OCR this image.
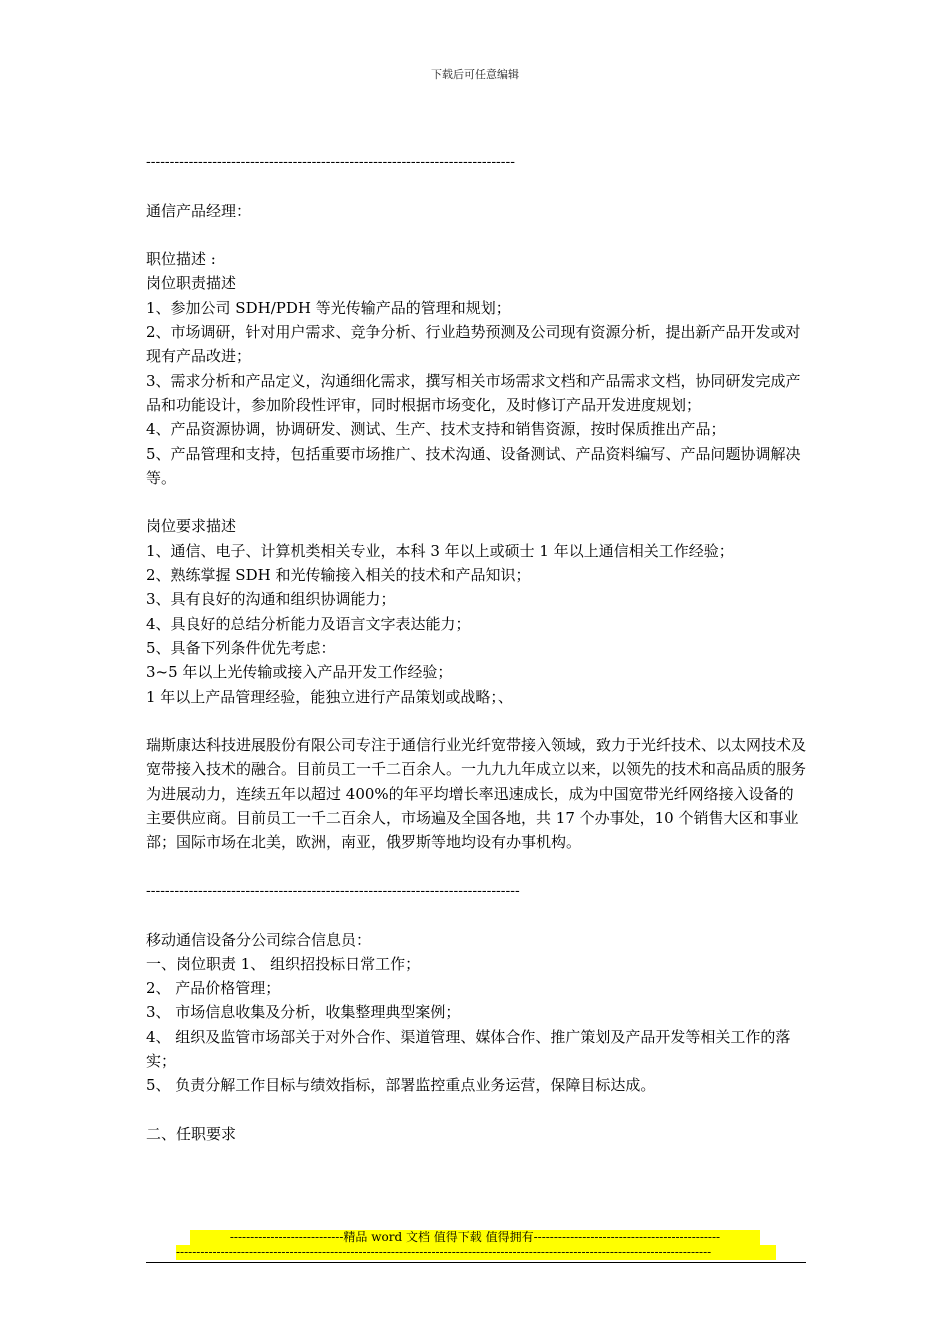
下载后可任意编辑

------------------------------------------------------------------------------

通信产品经理：

职位描述 :

岗位职责描述

1、参加公司 SDH/PDH 等光传输产品的管理和规划；

2、市场调研，针对用户需求、竞争分析、行业趋势预测及公司现有资源分析，提出新产品开发或对现有产品改进；

3、需求分析和产品定义，沟通细化需求，撰写相关市场需求文档和产品需求文档，协同研发完成产品和功能设计，参加阶段性评审，同时根据市场变化，及时修订产品开发进度规划；

4、产品资源协调，协调研发、测试、生产、技术支持和销售资源，按时保质推出产品；

5、产品管理和支持，包括重要市场推广、技术沟通、设备测试、产品资料编写、产品问题协调解决等。

岗位要求描述

1、通信、电子、计算机类相关专业，本科 3 年以上或硕士 1 年以上通信相关工作经验；

2、熟练掌握 SDH 和光传输接入相关的技术和产品知识；

3、具有良好的沟通和组织协调能力；

4、具良好的总结分析能力及语言文字表达能力；

5、具备下列条件优先考虑：

3~5 年以上光传输或接入产品开发工作经验；

1 年以上产品管理经验，能独立进行产品策划或战略；、

瑞斯康达科技进展股份有限公司专注于通信行业光纤宽带接入领域，致力于光纤技术、以太网技术及宽带接入技术的融合。目前员工一千二百余人。一九九九年成立以来，以领先的技术和高品质的服务为进展动力，连续五年以超过 400%的年平均增长率迅速成长，成为中国宽带光纤网络接入设备的主要供应商。目前员工一千二百余人，市场遍及全国各地，共 17 个办事处，10 个销售大区和事业部；国际市场在北美，欧洲，南亚，俄罗斯等地均设有办事机构。

-------------------------------------------------------------------------------

移动通信设备分公司综合信息员：

一、岗位职责 1、 组织招投标日常工作；

2、 产品价格管理；

3、 市场信息收集及分析，收集整理典型案例；

4、 组织及监管市场部关于对外合作、渠道管理、媒体合作、推广策划及产品开发等相关工作的落实；

5、 负责分解工作目标与绩效指标，部署监控重点业务运营，保障目标达成。

二、任职要求

----------------------------精品 word 文档 值得下载 值得拥有----------------------------------------------
------------------------------------------------------------------------------------------------------------------------------------
